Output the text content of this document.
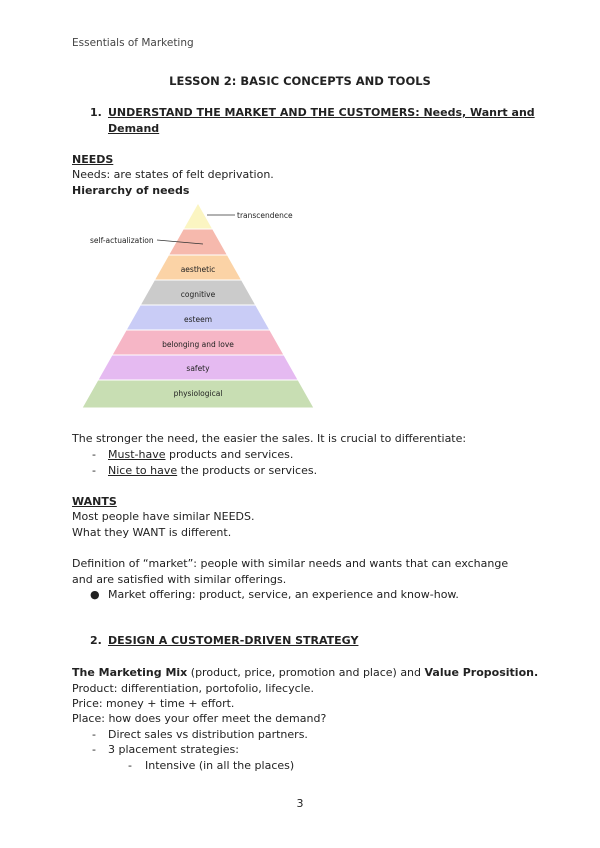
Essentials of Marketing
LESSON 2: BASIC CONCEPTS AND TOOLS
1. UNDERSTAND THE MARKET AND THE CUSTOMERS: Needs, Wanrt and
Demand
NEEDS
Needs: are states of felt deprivation.
Hierarchy of needs
transcendence
self-actualization
aesthetic
cognitive
esteem
belonging and love
safety
physiological
The stronger the need, the easier the sales. It is crucial to differentiate:
- Must-have products and services.
- Nice to have the products or services.
WANTS
Most people have similar NEEDS.
What they WANT is different.
Definition of “market”: people with similar needs and wants that can exchange
and are satisfied with similar offerings.
● Market offering: product, service, an experience and know-how.
2. DESIGN A CUSTOMER-DRIVEN STRATEGY
The Marketing Mix (product, price, promotion and place) and Value Proposition.
Product: differentiation, portofolio, lifecycle.
Price: money + time + effort.
Place: how does your offer meet the demand?
- Direct sales vs distribution partners.
- 3 placement strategies:
- Intensive (in all the places)
3
